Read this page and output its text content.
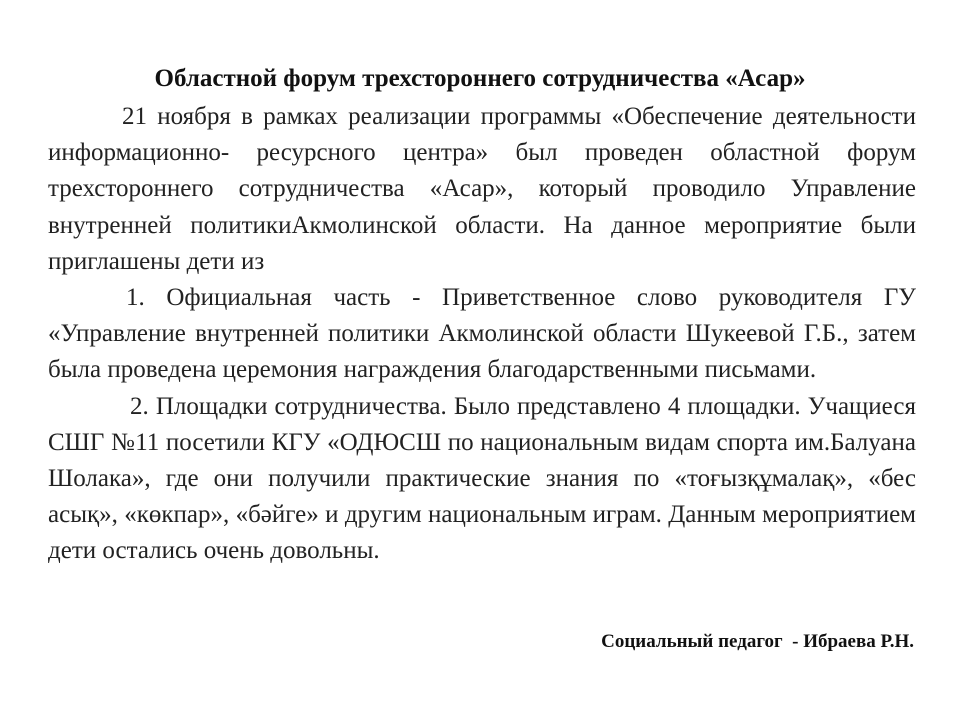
Областной форум трехстороннего сотрудничества «Асар»

21 ноября в рамках реализации программы «Обеспечение деятельности информационно- ресурсного центра» был проведен областной форум трехстороннего сотрудничества «Асар», который проводило Управление внутренней политикиАкмолинской области. На данное мероприятие были приглашены дети из

1. Официальная часть - Приветственное слово руководителя ГУ «Управление внутренней политики Акмолинской области Шукеевой Г.Б., затем была проведена церемония награждения благодарственными письмами.

2. Площадки сотрудничества. Было представлено 4 площадки. Учащиеся СШГ №11 посетили КГУ «ОДЮСШ по национальным видам спорта им.Балуана Шолака», где они получили практические знания по «тоғызқұмалақ», «бес асық», «көкпар», «бәйге» и другим национальным играм. Данным мероприятием дети остались очень довольны.

Социальный педагог  - Ибраева Р.Н.
